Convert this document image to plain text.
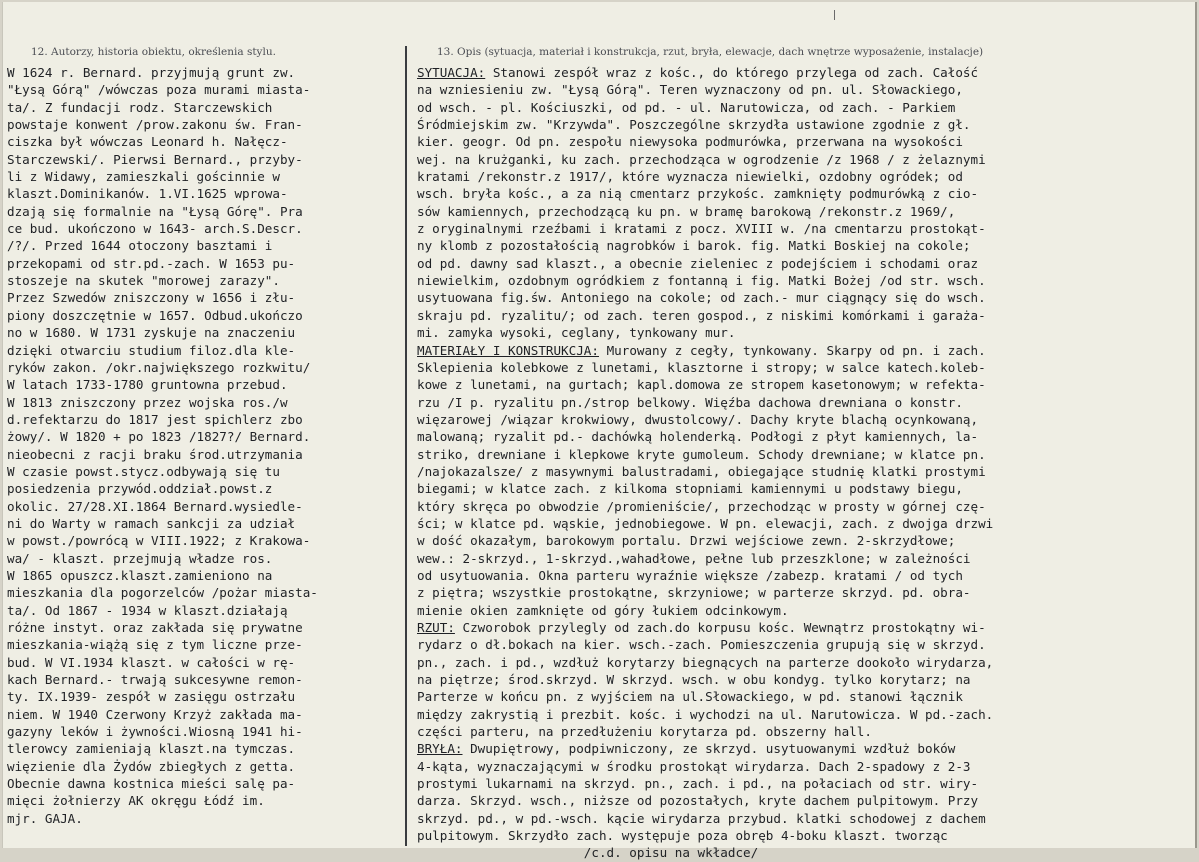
12. Autorzy, historia obiektu, określenia stylu.	13. Opis (sytuacja, materiał i konstrukcja, rzut, bryła, elewacje, dach wnętrze wyposażenie, instalacje)
W 1624 r. Bernard. przyjmują grunt zw.
"Łysą Górą" /wówczas poza murami miasta-
ta/. Z fundacji rodz. Starczewskich
powstaje konwent /prow.zakonu św. Fran-
ciszka był wówczas Leonard h. Nałęcz-
Starczewski/. Pierwsi Bernard., przyby-
li z Widawy, zamieszkali gościnnie w
klaszt.Dominikanów. 1.VI.1625 wprowa-
dzają się formalnie na "Łysą Górę". Pra
ce bud. ukończono w 1643- arch.S.Descr.
/?/. Przed 1644 otoczony basztami i
przekopami od str.pd.-zach. W 1653 pu-
stoszeje na skutek "morowej zarazy".
Przez Szwedów zniszczony w 1656 i złu-
piony doszczętnie w 1657. Odbud.ukończo
no w 1680. W 1731 zyskuje na znaczeniu
dzięki otwarciu studium filoz.dla kle-
ryków zakon. /okr.największego rozkwitu/
W latach 1733-1780 gruntowna przebud.
W 1813 zniszczony przez wojska ros./w
d.refektarzu do 1817 jest spichlerz zbo
żowy/. W 1820 + po 1823 /1827?/ Bernard.
nieobecni z racji braku środ.utrzymania
W czasie powst.stycz.odbywają się tu
posiedzenia przywód.oddział.powst.z
okolic. 27/28.XI.1864 Bernard.wysiedle-
ni do Warty w ramach sankcji za udział
w powst./powrócą w VIII.1922; z Krakowa-
wa/ - klaszt. przejmują władze ros.
W 1865 opuszcz.klaszt.zamieniono na
mieszkania dla pogorzelców /pożar miasta-
ta/. Od 1867 - 1934 w klaszt.działają
różne instyt. oraz zakłada się prywatne
mieszkania-wiążą się z tym liczne prze-
bud. W VI.1934 klaszt. w całości w rę-
kach Bernard.- trwają sukcesywne remon-
ty. IX.1939- zespół w zasięgu ostrzału
niem. W 1940 Czerwony Krzyż zakłada ma-
gazyny leków i żywności.Wiosną 1941 hi-
tlerowcy zamieniają klaszt.na tymczas.
więzienie dla Żydów zbiegłych z getta.
Obecnie dawna kostnica mieści salę pa-
mięci żołnierzy AK okręgu Łódź im.
mjr. GAJA.
SYTUACJA: Stanowi zespół wraz z kośc., do którego przylega od zach. Całość
na wzniesieniu zw. "Łysą Górą". Teren wyznaczony od pn. ul. Słowackiego,
od wsch. - pl. Kościuszki, od pd. - ul. Narutowicza, od zach. - Parkiem
Śródmiejskim zw. "Krzywda". Poszczególne skrzydła ustawione zgodnie z gł.
kier. geogr. Od pn. zespołu niewysoka podmurówka, przerwana na wysokości
wej. na krużganki, ku zach. przechodząca w ogrodzenie /z 1968 / z żelaznymi
kratami /rekonstr.z 1917/, które wyznacza niewielki, ozdobny ogródek; od
wsch. bryła kośc., a za nią cmentarz przykośc. zamknięty podmurówką z cio-
sów kamiennych, przechodzącą ku pn. w bramę barokową /rekonstr.z 1969/,
z oryginalnymi rzeźbami i kratami z pocz. XVIII w. /na cmentarzu prostokąt-
ny klomb z pozostałością nagrobków i barok. fig. Matki Boskiej na cokole;
od pd. dawny sad klaszt., a obecnie zieleniec z podejściem i schodami oraz
niewielkim, ozdobnym ogródkiem z fontanną i fig. Matki Bożej /od str. wsch.
usytuowana fig.św. Antoniego na cokole; od zach.- mur ciągnący się do wsch.
skraju pd. ryzalitu/; od zach. teren gospod., z niskimi komórkami i garaża-
mi. zamyka wysoki, ceglany, tynkowany mur.
MATERIAŁY I KONSTRUKCJA: Murowany z cegły, tynkowany. Skarpy od pn. i zach.
Sklepienia kolebkowe z lunetami, klasztorne i stropy; w salce katech.koleb-
kowe z lunetami, na gurtach; kapl.domowa ze stropem kasetonowym; w refekta-
rzu /I p. ryzalitu pn./strop belkowy. Więźba dachowa drewniana o konstr.
więzarowej /wiązar krokwiowy, dwustolcowy/. Dachy kryte blachą ocynkowaną,
malowaną; ryzalit pd.- dachówką holenderką. Podłogi z płyt kamiennych, la-
striko, drewniane i klepkowe kryte gumoleum. Schody drewniane; w klatce pn.
/najokazalsze/ z masywnymi balustradami, obiegające studnię klatki prostymi
biegami; w klatce zach. z kilkoma stopniami kamiennymi u podstawy biegu,
który skręca po obwodzie /promieniście/, przechodząc w prosty w górnej czę-
ści; w klatce pd. wąskie, jednobiegowe. W pn. elewacji, zach. z dwojga drzwi
w dość okazałym, barokowym portalu. Drzwi wejściowe zewn. 2-skrzydłowe;
wew.: 2-skrzyd., 1-skrzyd.,wahadłowe, pełne lub przeszklone; w zależności
od usytuowania. Okna parteru wyraźnie większe /zabezp. kratami / od tych
z piętra; wszystkie prostokątne, skrzyniowe; w parterze skrzyd. pd. obra-
mienie okien zamknięte od góry łukiem odcinkowym.
RZUT: Czworobok przylegly od zach.do korpusu kośc. Wewnątrz prostokątny wi-
rydarz o dł.bokach na kier. wsch.-zach. Pomieszczenia grupują się w skrzyd.
pn., zach. i pd., wzdłuż korytarzy biegnących na parterze dookoło wirydarza,
na piętrze; środ.skrzyd. W skrzyd. wsch. w obu kondyg. tylko korytarz; na
Parterze w końcu pn. z wyjściem na ul.Słowackiego, w pd. stanowi łącznik
między zakrystią i prezbit. kośc. i wychodzi na ul. Narutowicza. W pd.-zach.
części parteru, na przedłużeniu korytarza pd. obszerny hall.
BRYŁA: Dwupiętrowy, podpiwniczony, ze skrzyd. usytuowanymi wzdłuż boków
4-kąta, wyznaczającymi w środku prostokąt wirydarza. Dach 2-spadowy z 2-3
prostymi lukarnami na skrzyd. pn., zach. i pd., na połaciach od str. wiry-
darza. Skrzyd. wsch., niższe od pozostałych, kryte dachem pulpitowym. Przy
skrzyd. pd., w pd.-wsch. kącie wirydarza przybud. klatki schodowej z dachem
pulpitowym. Skrzydło zach. występuje poza obręb 4-boku klaszt. tworząc
/c.d. opisu na wkładce/
